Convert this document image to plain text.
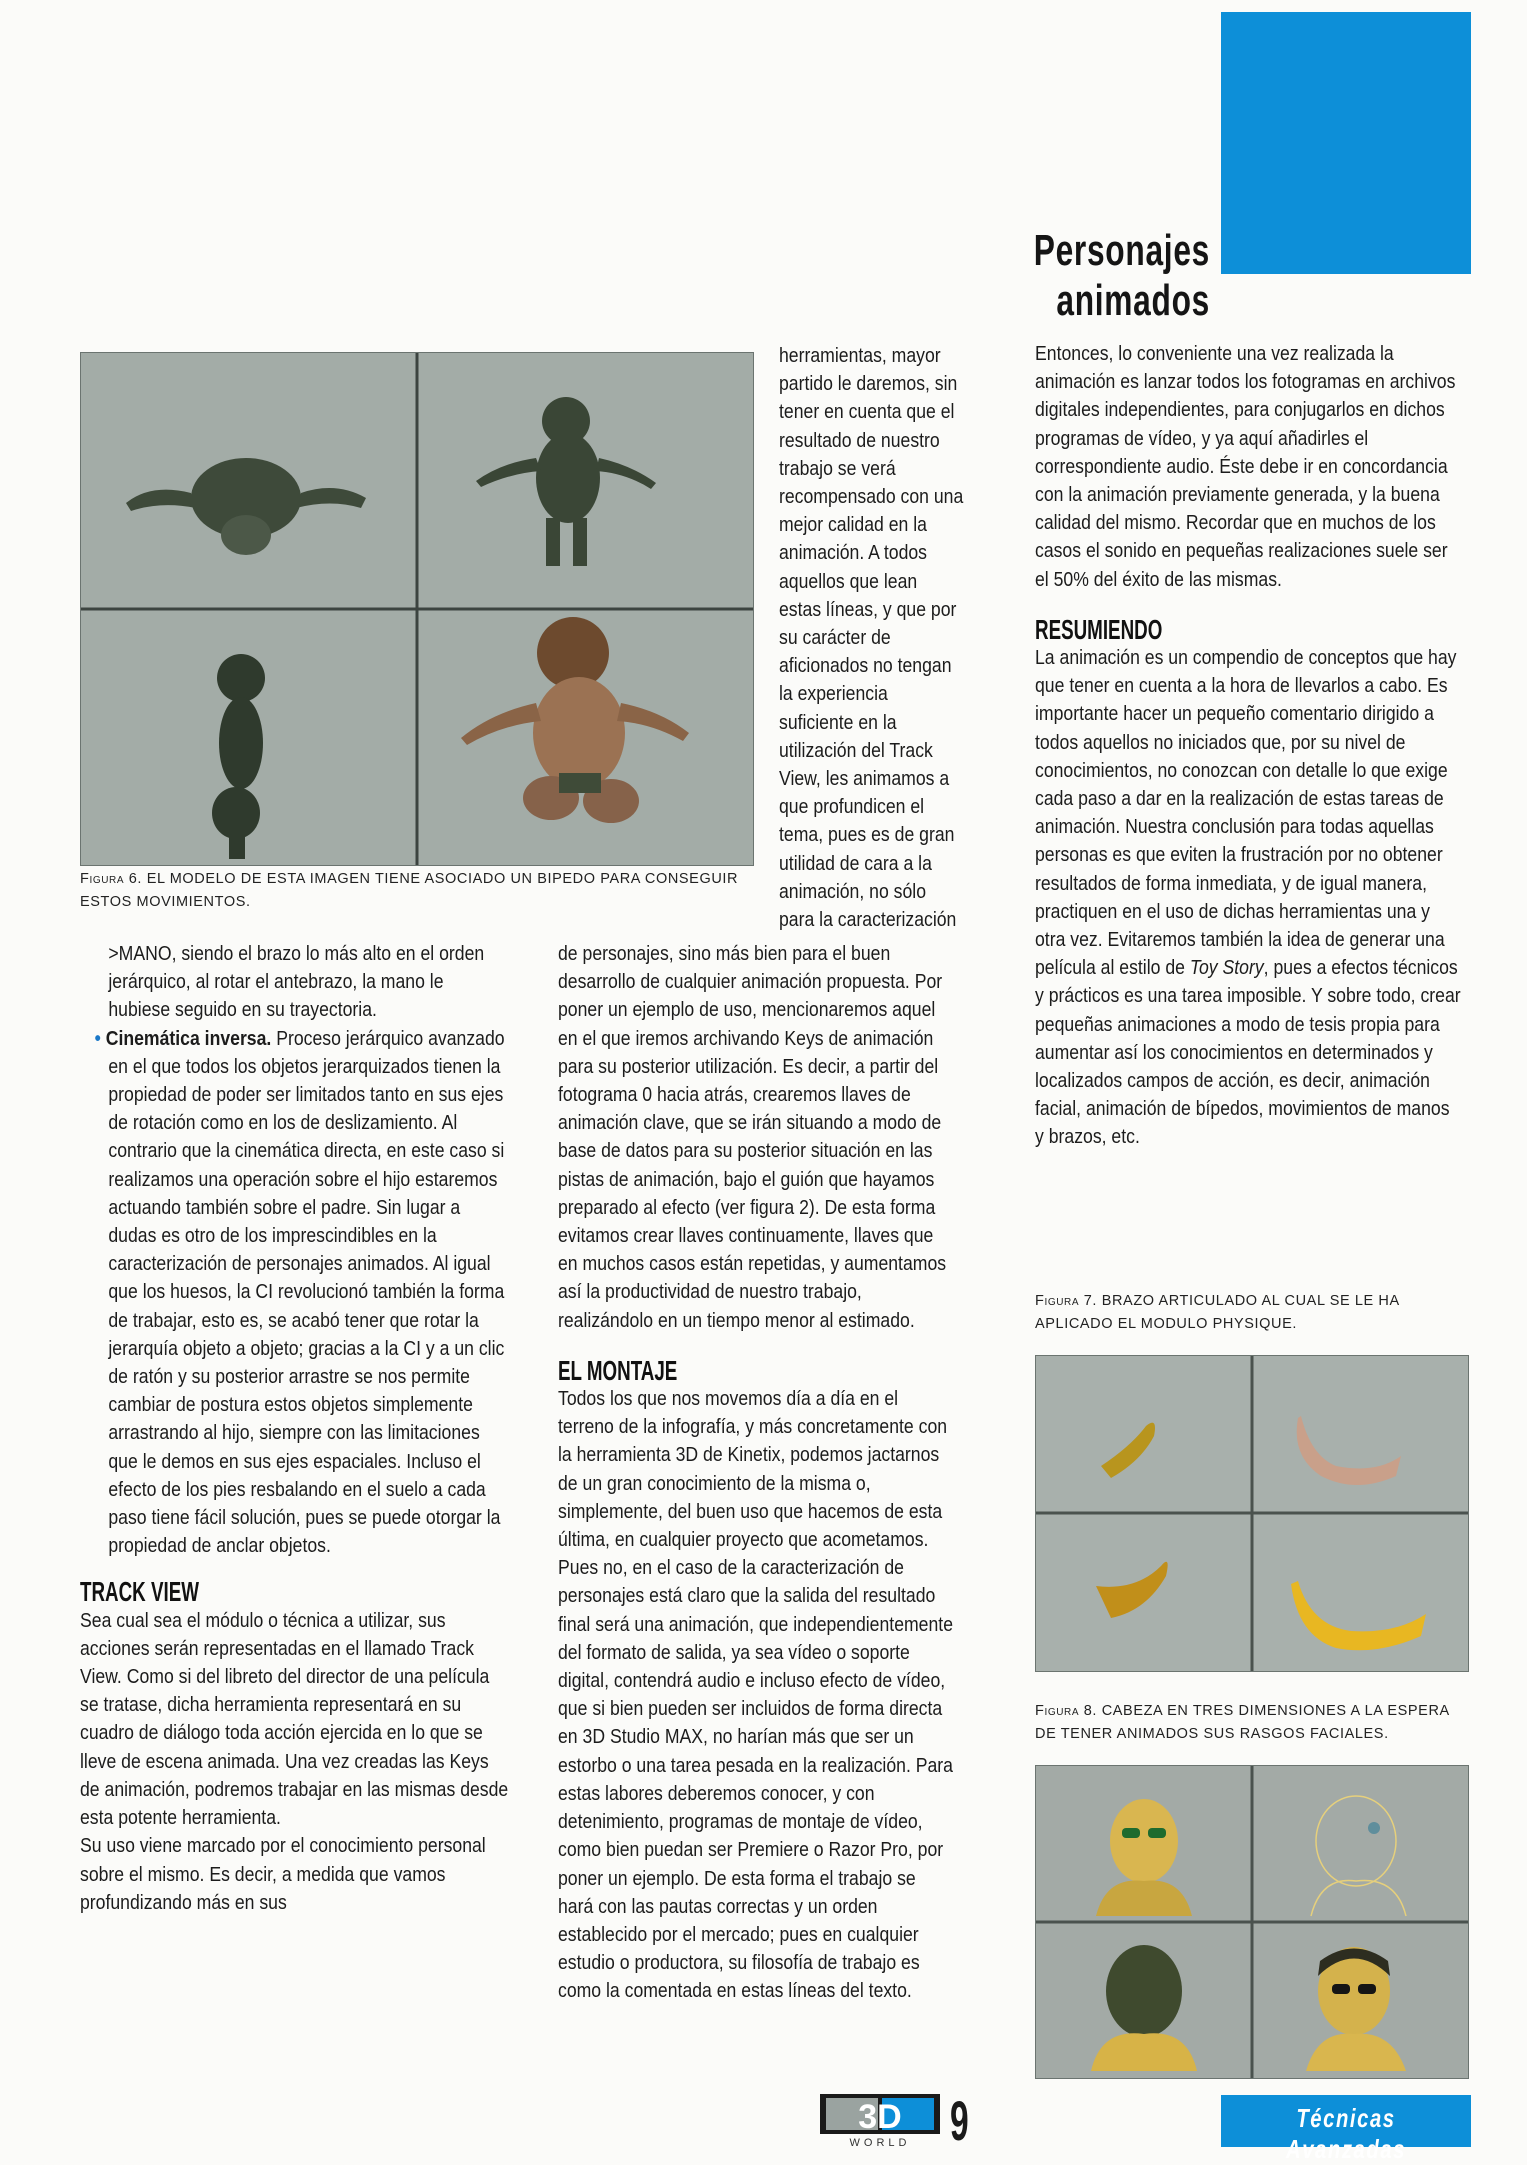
Personajes animados
Figura 6. EL MODELO DE ESTA IMAGEN TIENE ASOCIADO UN BIPEDO PARA CONSEGUIR ESTOS MOVIMIENTOS.

herramientas, mayor partido le daremos, sin tener en cuenta que el resultado de nuestro trabajo se verá recompensado con una mejor calidad en la animación. A todos aquellos que lean estas líneas, y que por su carácter de aficionados no tengan la experiencia suficiente en la utilización del Track View, les animamos a que profundicen el tema, pues es de gran utilidad de cara a la animación, no sólo para la caracterización

>MANO, siendo el brazo lo más alto en el orden jerárquico, al rotar el antebrazo, la mano le hubiese seguido en su trayectoria.

• Cinemática inversa. Proceso jerárquico avanzado en el que todos los objetos jerarquizados tienen la propiedad de poder ser limitados tanto en sus ejes de rotación como en los de deslizamiento. Al contrario que la cinemática directa, en este caso si realizamos una operación sobre el hijo estaremos actuando también sobre el padre. Sin lugar a dudas es otro de los imprescindibles en la caracterización de personajes animados. Al igual que los huesos, la CI revolucionó también la forma de trabajar, esto es, se acabó tener que rotar la jerarquía objeto a objeto; gracias a la CI y a un clic de ratón y su posterior arrastre se nos permite cambiar de postura estos objetos simplemente arrastrando al hijo, siempre con las limitaciones que le demos en sus ejes espaciales. Incluso el efecto de los pies resbalando en el suelo a cada paso tiene fácil solución, pues se puede otorgar la propiedad de anclar objetos.

TRACK VIEW

Sea cual sea el módulo o técnica a utilizar, sus acciones serán representadas en el llamado Track View. Como si del libreto del director de una película se tratase, dicha herramienta representará en su cuadro de diálogo toda acción ejercida en lo que se lleve de escena animada. Una vez creadas las Keys de animación, podremos trabajar en las mismas desde esta potente herramienta.

Su uso viene marcado por el conocimiento personal sobre el mismo. Es decir, a medida que vamos profundizando más en sus

de personajes, sino más bien para el buen desarrollo de cualquier animación propuesta. Por poner un ejemplo de uso, mencionaremos aquel en el que iremos archivando Keys de animación para su posterior utilización. Es decir, a partir del fotograma 0 hacia atrás, crearemos llaves de animación clave, que se irán situando a modo de base de datos para su posterior situación en las pistas de animación, bajo el guión que hayamos preparado al efecto (ver figura 2). De esta forma evitamos crear llaves continuamente, llaves que en muchos casos están repetidas, y aumentamos así la productividad de nuestro trabajo, realizándolo en un tiempo menor al estimado.

EL MONTAJE

Todos los que nos movemos día a día en el terreno de la infografía, y más concretamente con la herramienta 3D de Kinetix, podemos jactarnos de un gran conocimiento de la misma o, simplemente, del buen uso que hacemos de esta última, en cualquier proyecto que acometamos. Pues no, en el caso de la caracterización de personajes está claro que la salida del resultado final será una animación, que independientemente del formato de salida, ya sea vídeo o soporte digital, contendrá audio e incluso efecto de vídeo, que si bien pueden ser incluidos de forma directa en 3D Studio MAX, no harían más que ser un estorbo o una tarea pesada en la realización. Para estas labores deberemos conocer, y con detenimiento, programas de montaje de vídeo, como bien puedan ser Premiere o Razor Pro, por poner un ejemplo. De esta forma el trabajo se hará con las pautas correctas y un orden establecido por el mercado; pues en cualquier estudio o productora, su filosofía de trabajo es como la comentada en estas líneas del texto.

Entonces, lo conveniente una vez realizada la animación es lanzar todos los fotogramas en archivos digitales independientes, para conjugarlos en dichos programas de vídeo, y ya aquí añadirles el correspondiente audio. Éste debe ir en concordancia con la animación previamente generada, y la buena calidad del mismo. Recordar que en muchos de los casos el sonido en pequeñas realizaciones suele ser el 50% del éxito de las mismas.

RESUMIENDO

La animación es un compendio de conceptos que hay que tener en cuenta a la hora de llevarlos a cabo. Es importante hacer un pequeño comentario dirigido a todos aquellos no iniciados que, por su nivel de conocimientos, no conozcan con detalle lo que exige cada paso a dar en la realización de estas tareas de animación. Nuestra conclusión para todas aquellas personas es que eviten la frustración por no obtener resultados de forma inmediata, y de igual manera, practiquen en el uso de dichas herramientas una y otra vez. Evitaremos también la idea de generar una película al estilo de Toy Story, pues a efectos técnicos y prácticos es una tarea imposible. Y sobre todo, crear pequeñas animaciones a modo de tesis propia para aumentar así los conocimientos en determinados y localizados campos de acción, es decir, animación facial, animación de bípedos, movimientos de manos y brazos, etc.

Figura 7. BRAZO ARTICULADO AL CUAL SE LE HA APLICADO EL MODULO PHYSIQUE.
Figura 8. CABEZA EN TRES DIMENSIONES A LA ESPERA DE TENER ANIMADOS SUS RASGOS FACIALES.
3D
WORLD 9	Técnicas Avanzadas
